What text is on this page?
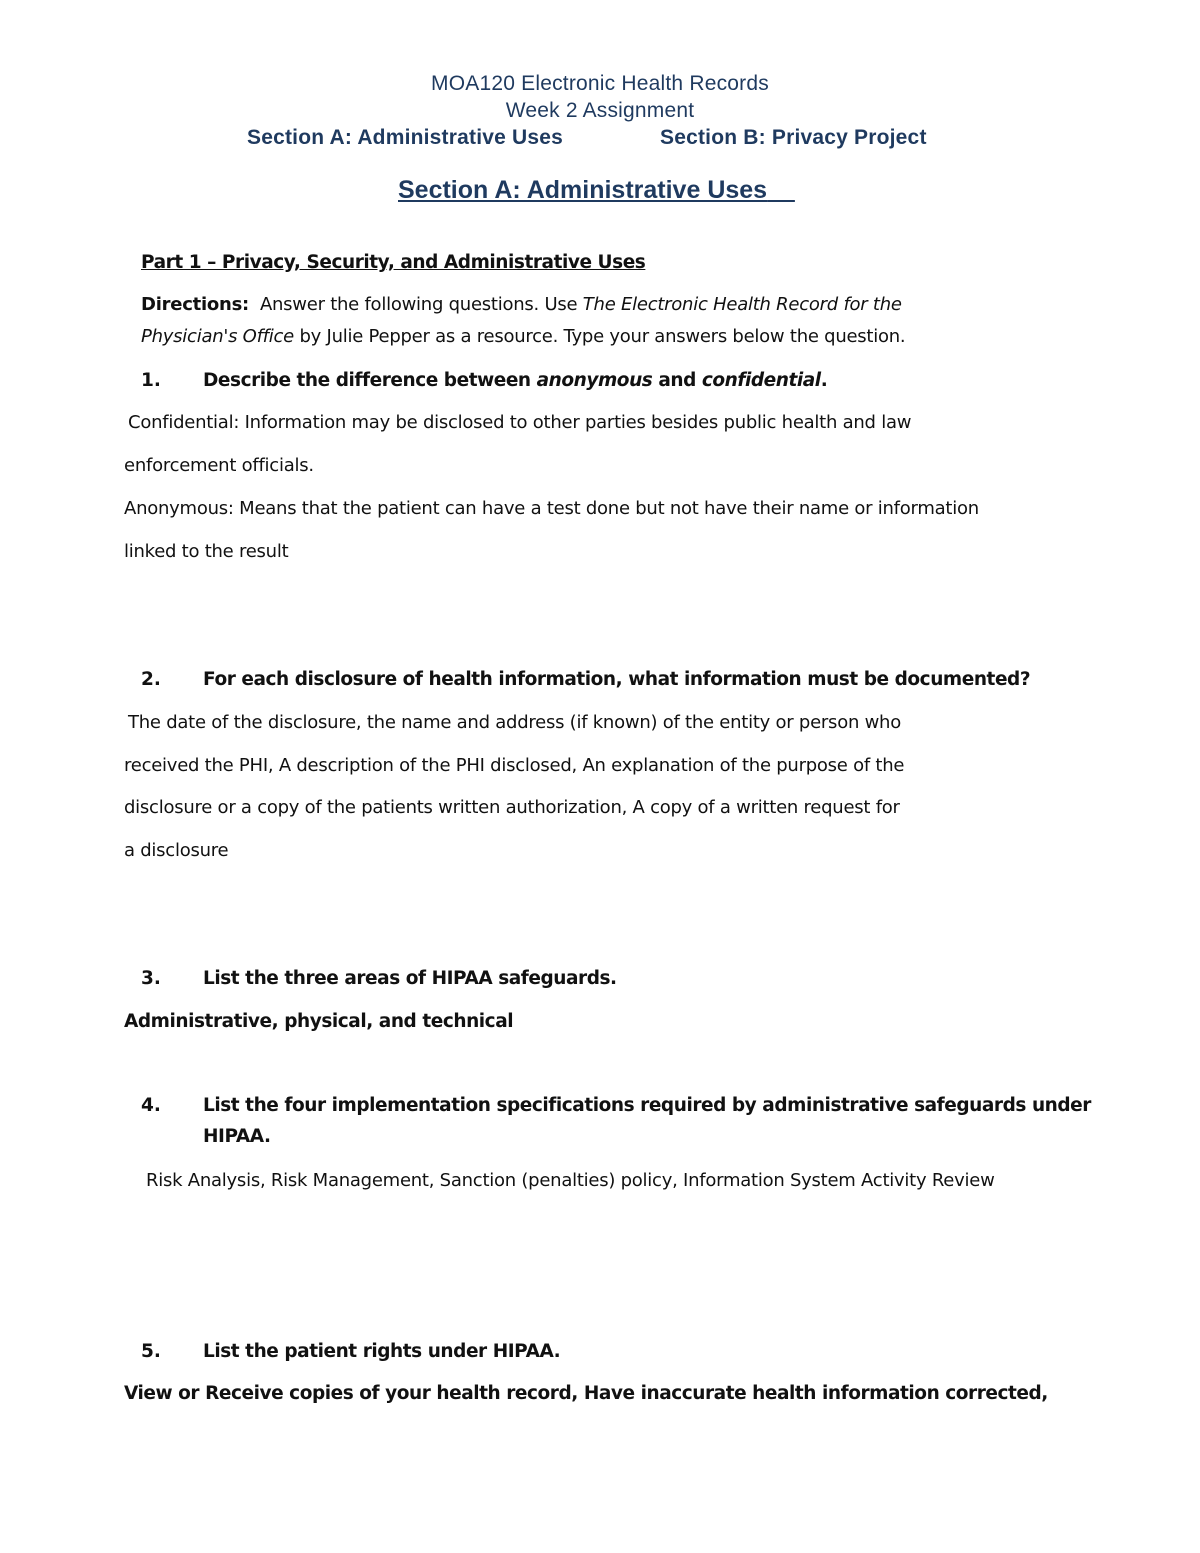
MOA120 Electronic Health Records
Week 2 Assignment
Section A: Administrative Uses	Section B: Privacy Project
Section A: Administrative Uses
Part 1 – Privacy, Security, and Administrative Uses
Directions: Answer the following questions. Use The Electronic Health Record for the
Physician's Office by Julie Pepper as a resource. Type your answers below the question.
1. Describe the difference between anonymous and confidential.
Confidential: Information may be disclosed to other parties besides public health and law
enforcement officials.
Anonymous: Means that the patient can have a test done but not have their name or information
linked to the result
2. For each disclosure of health information, what information must be documented?
The date of the disclosure, the name and address (if known) of the entity or person who
received the PHI, A description of the PHI disclosed, An explanation of the purpose of the
disclosure or a copy of the patients written authorization, A copy of a written request for
a disclosure
3. List the three areas of HIPAA safeguards.
Administrative, physical, and technical
4. List the four implementation specifications required by administrative safeguards under
HIPAA.
Risk Analysis, Risk Management, Sanction (penalties) policy, Information System Activity Review
5. List the patient rights under HIPAA.
View or Receive copies of your health record, Have inaccurate health information corrected,
